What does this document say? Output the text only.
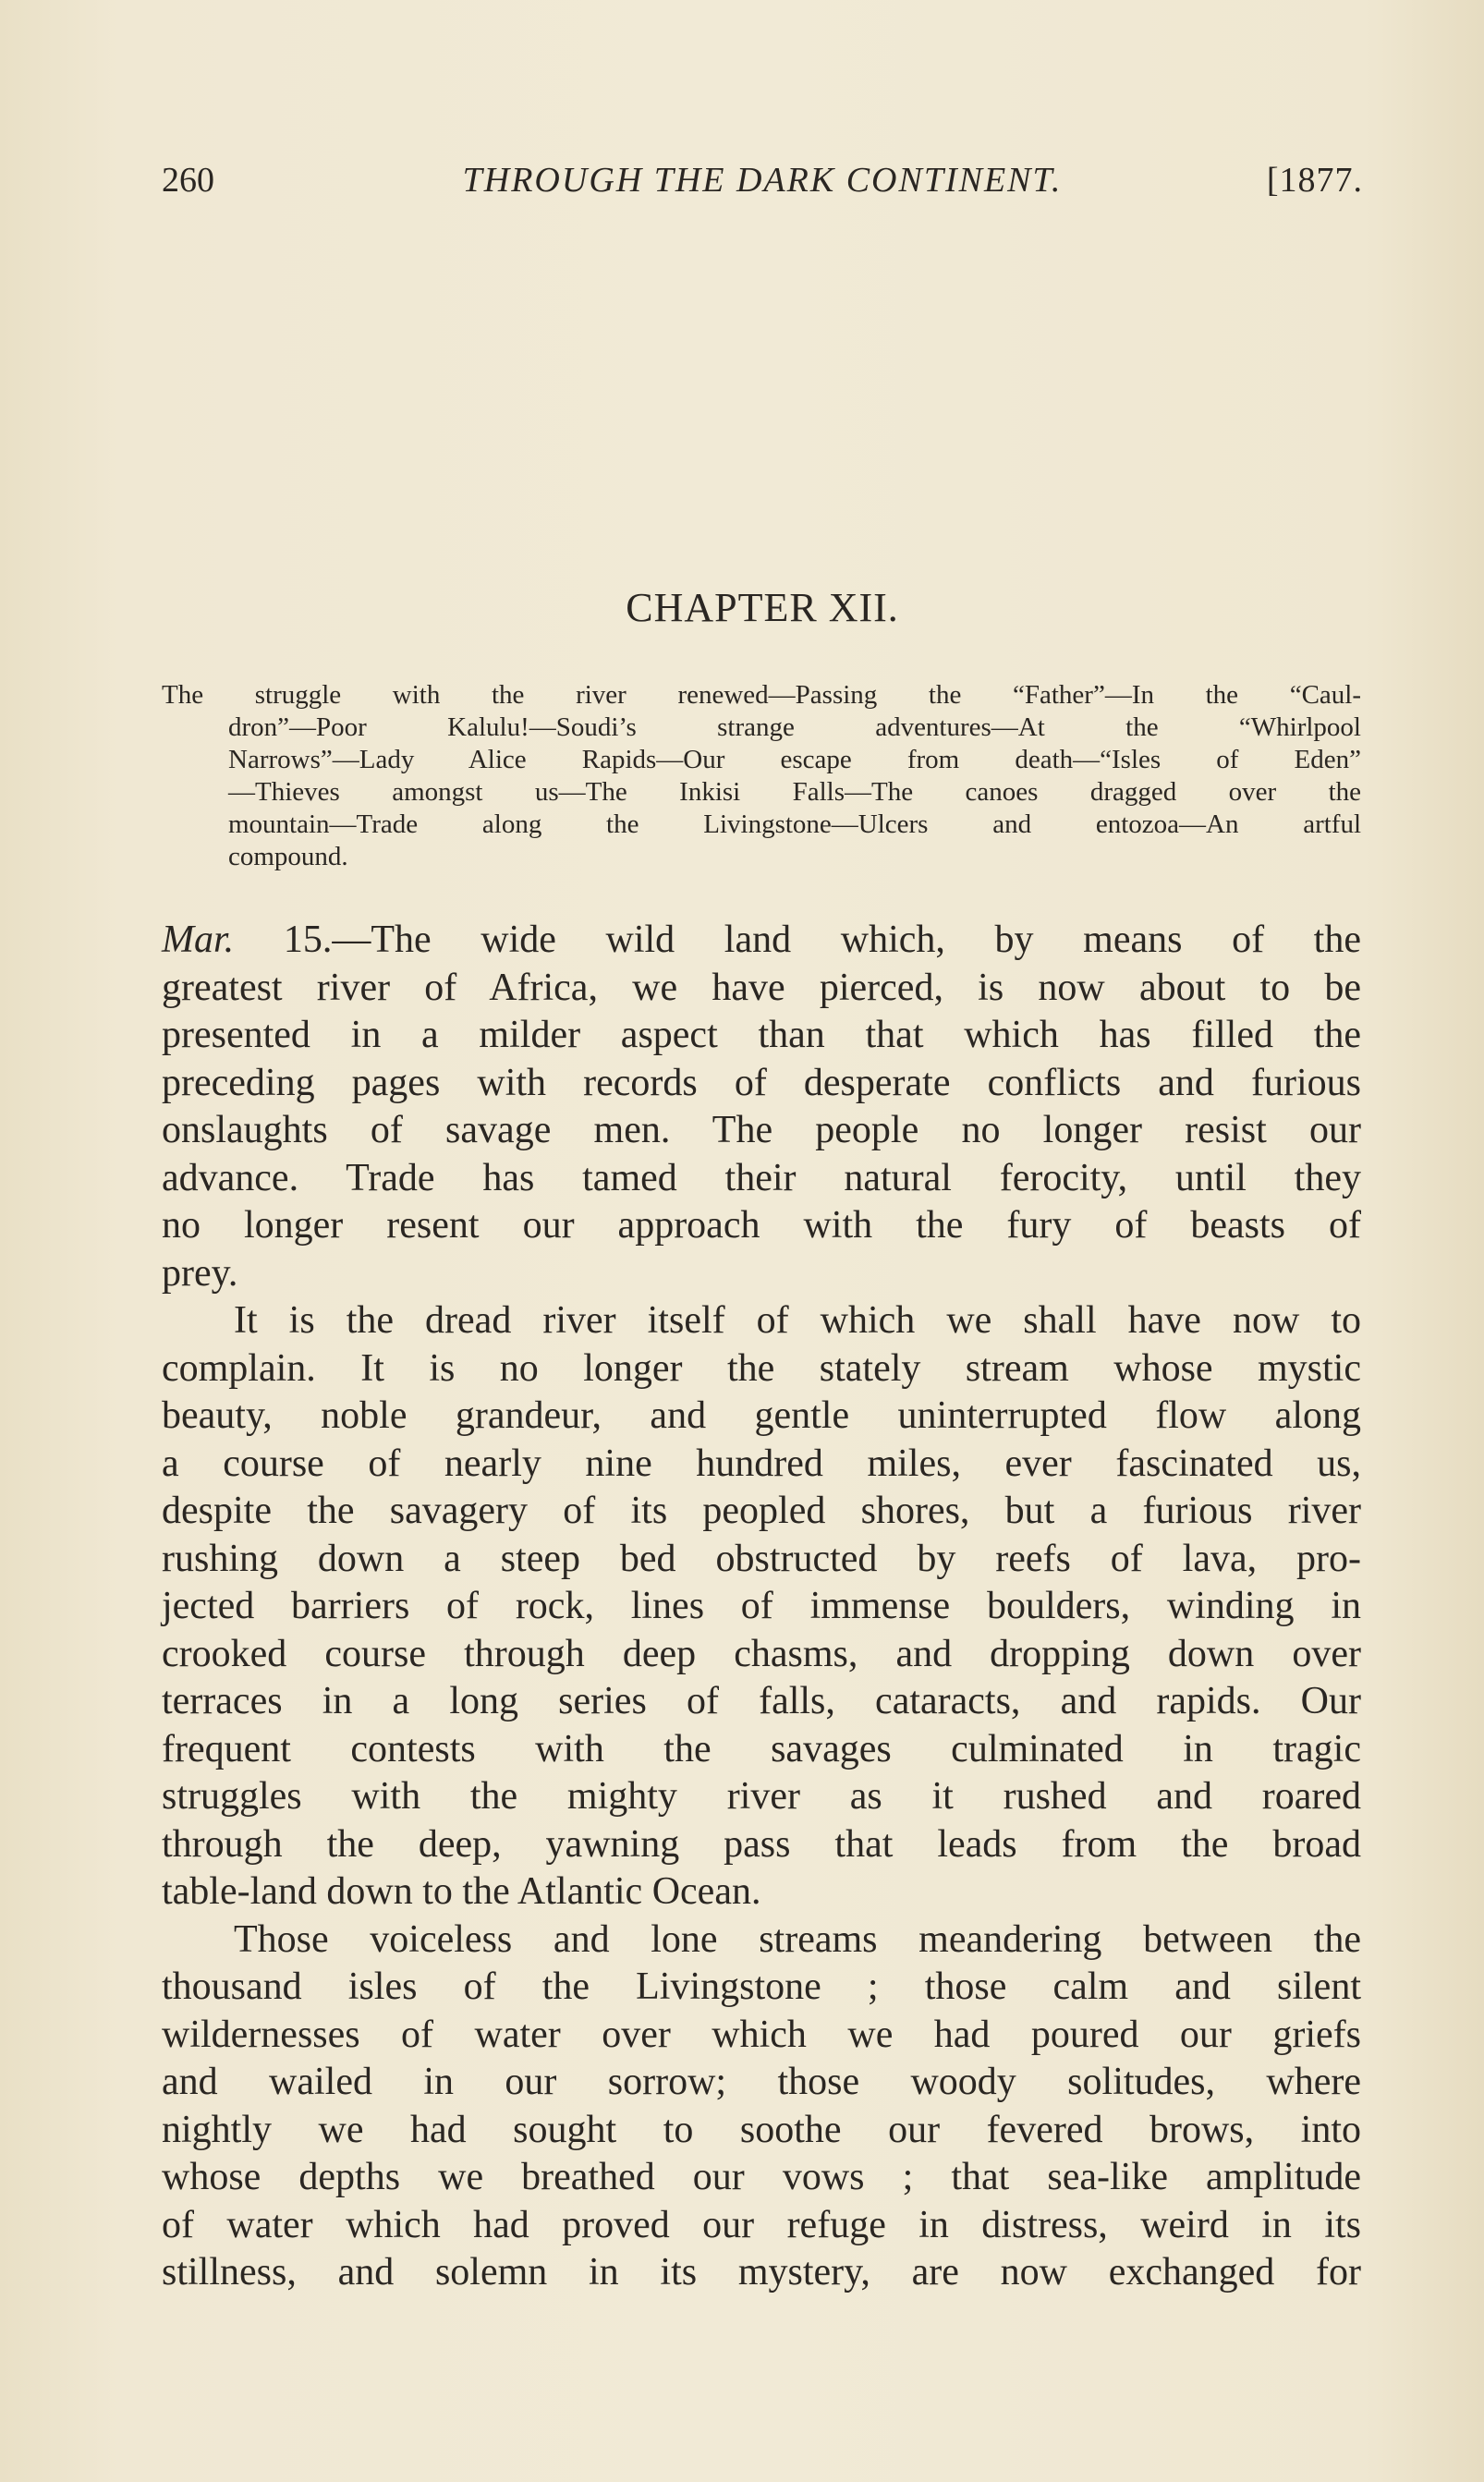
260	THROUGH THE DARK CONTINENT.	[1877.
CHAPTER XII.
The struggle with the river renewed—Passing the “Father”—In the “Caul-
dron”—Poor Kalulu!—Soudi’s strange adventures—At the “Whirlpool
Narrows”—Lady Alice Rapids—Our escape from death—“Isles of Eden”
—Thieves amongst us—The Inkisi Falls—The canoes dragged over the
mountain—Trade along the Livingstone—Ulcers and entozoa—An artful
compound.
Mar. 15.—The wide wild land which, by means of the
greatest river of Africa, we have pierced, is now about to be
presented in a milder aspect than that which has filled the
preceding pages with records of desperate conflicts and furious
onslaughts of savage men. The people no longer resist our
advance. Trade has tamed their natural ferocity, until they
no longer resent our approach with the fury of beasts of
prey.
It is the dread river itself of which we shall have now to
complain. It is no longer the stately stream whose mystic
beauty, noble grandeur, and gentle uninterrupted flow along
a course of nearly nine hundred miles, ever fascinated us,
despite the savagery of its peopled shores, but a furious river
rushing down a steep bed obstructed by reefs of lava, pro-
jected barriers of rock, lines of immense boulders, winding in
crooked course through deep chasms, and dropping down over
terraces in a long series of falls, cataracts, and rapids. Our
frequent contests with the savages culminated in tragic
struggles with the mighty river as it rushed and roared
through the deep, yawning pass that leads from the broad
table-land down to the Atlantic Ocean.
Those voiceless and lone streams meandering between the
thousand isles of the Livingstone ; those calm and silent
wildernesses of water over which we had poured our griefs
and wailed in our sorrow; those woody solitudes, where
nightly we had sought to soothe our fevered brows, into
whose depths we breathed our vows ; that sea-like amplitude
of water which had proved our refuge in distress, weird in its
stillness, and solemn in its mystery, are now exchanged for
